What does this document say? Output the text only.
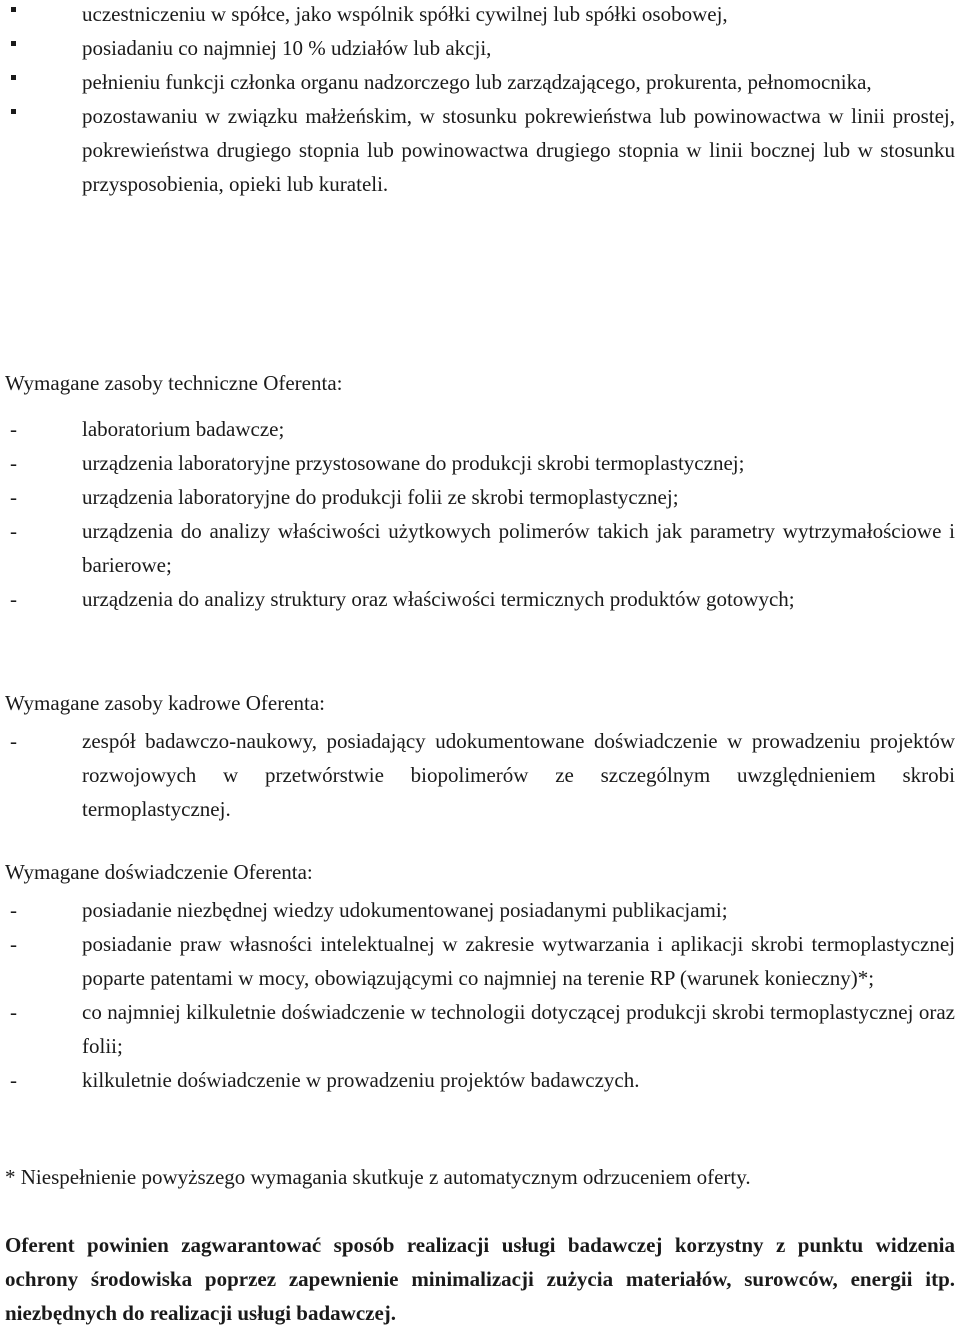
uczestniczeniu w spółce, jako wspólnik spółki cywilnej lub spółki osobowej,
posiadaniu co najmniej 10 % udziałów lub akcji,
pełnieniu funkcji członka organu nadzorczego lub zarządzającego, prokurenta, pełnomocnika,
pozostawaniu w związku małżeńskim, w stosunku pokrewieństwa lub powinowactwa w linii prostej, pokrewieństwa drugiego stopnia lub powinowactwa drugiego stopnia w linii bocznej lub w stosunku przysposobienia, opieki lub kurateli.

Wymagane zasoby techniczne Oferenta:

-	laboratorium badawcze;
-	urządzenia laboratoryjne przystosowane do produkcji skrobi termoplastycznej;
-	urządzenia laboratoryjne do produkcji folii ze skrobi termoplastycznej;
-	urządzenia do analizy właściwości użytkowych polimerów takich jak parametry wytrzymałościowe i barierowe;
-	urządzenia do analizy struktury oraz właściwości termicznych produktów gotowych;

Wymagane zasoby kadrowe Oferenta:

-	zespół badawczo-naukowy, posiadający udokumentowane doświadczenie w prowadzeniu projektów rozwojowych w przetwórstwie biopolimerów ze szczególnym uwzględnieniem skrobi termoplastycznej.

Wymagane doświadczenie Oferenta:

-	posiadanie niezbędnej wiedzy udokumentowanej posiadanymi publikacjami;
-	posiadanie praw własności intelektualnej w zakresie wytwarzania i aplikacji skrobi termoplastycznej poparte patentami w mocy, obowiązującymi co najmniej na terenie RP (warunek konieczny)*;
-	co najmniej kilkuletnie doświadczenie w technologii dotyczącej produkcji skrobi termoplastycznej oraz folii;
-	kilkuletnie doświadczenie w prowadzeniu projektów badawczych.

* Niespełnienie powyższego wymagania skutkuje z automatycznym odrzuceniem oferty.

Oferent powinien zagwarantować sposób realizacji usługi badawczej korzystny z punktu widzenia ochrony środowiska poprzez zapewnienie minimalizacji zużycia materiałów, surowców, energii itp. niezbędnych do realizacji usługi badawczej.
